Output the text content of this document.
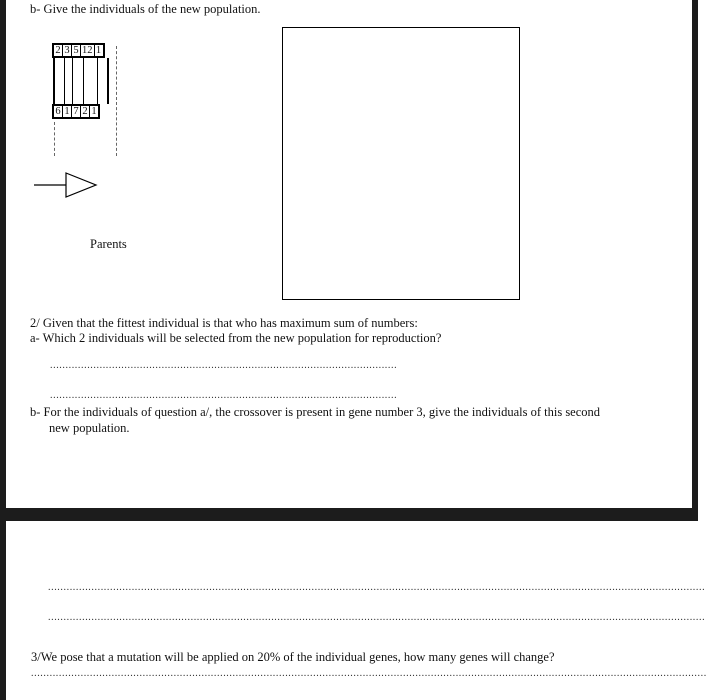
b- Give the individuals of the new population.
2 3 5 12 1
6 1 7 2 1
Parents
2/ Given that the fittest individual is that who has maximum sum of numbers:
a- Which 2 individuals will be selected from the new population for reproduction?
................................................................................................................
................................................................................................................
b- For the individuals of question a/, the crossover is present in gene number 3, give the individuals of this second
new population.
....................................................................................................................................................................................................................
....................................................................................................................................................................................................................
3/We pose that a mutation will be applied on 20% of the individual genes, how many genes will change?
..........................................................................................................................................................................................................................
